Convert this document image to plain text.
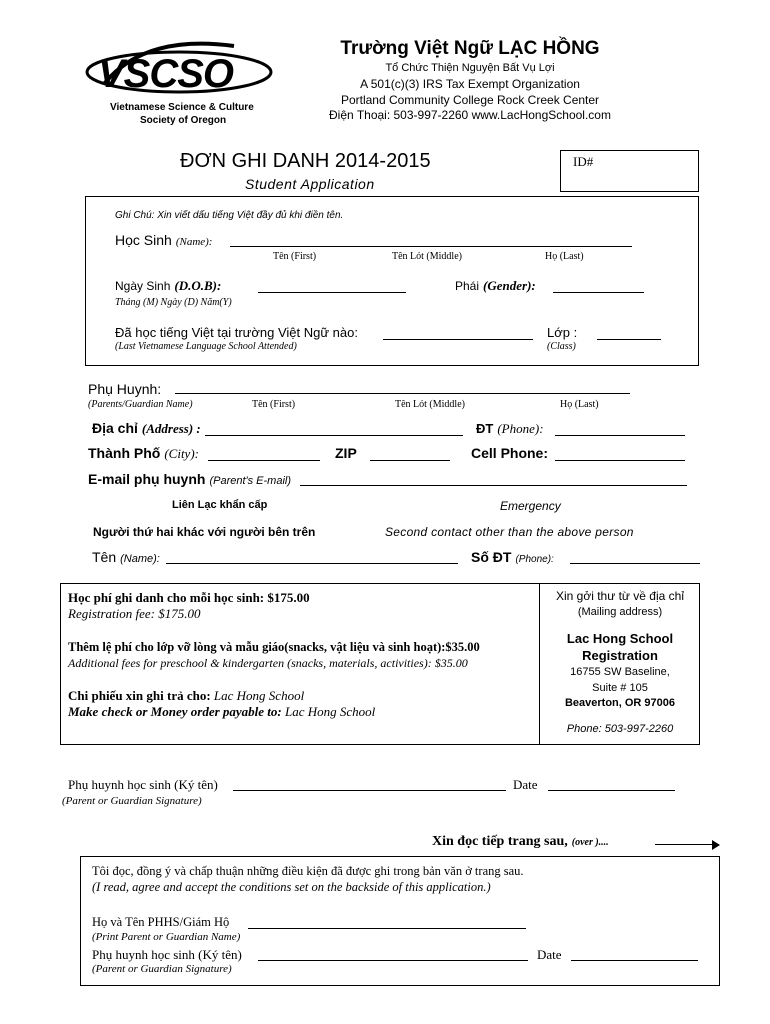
VSCSO
Vietnamese Science & Culture
Society of Oregon
Trường Việt Ngữ LẠC HỒNG
Tổ Chức Thiện Nguyện Bất Vụ Lợi
A 501(c)(3) IRS Tax Exempt Organization
Portland Community College Rock Creek Center
Điện Thoại: 503-997-2260 www.LacHongSchool.com
ĐƠN GHI DANH 2014-2015
Student Application
ID#
Ghi Chú: Xin viết dấu tiếng Việt đầy đủ khi điền tên.
Học Sinh (Name):
Tên (First)	Tên Lót (Middle)	Họ (Last)
Ngày Sinh (D.O.B):
Tháng (M) Ngày (D) Năm(Y)
Phái (Gender):
Đã học tiếng Việt tại trường Việt Ngữ nào:
(Last Vietnamese Language School Attended)
Lớp :
(Class)
Phụ Huynh:
(Parents/Guardian Name)	Tên (First)	Tên Lót (Middle)	Họ (Last)
Địa chỉ (Address) :	ĐT (Phone):
Thành Phố (City):	ZIP	Cell Phone:
E-mail phụ huynh (Parent's E-mail)
Liên Lạc khẩn cấp	Emergency
Người thứ hai khác với người bên trên	Second contact other than the above person
Tên (Name):	Số ĐT (Phone):
Học phí ghi danh cho mỗi học sinh: $175.00
Registration fee: $175.00
Thêm lệ phí cho lớp vỡ lòng và mẫu giáo(snacks, vật liệu và sinh hoạt):$35.00
Additional fees for preschool & kindergarten (snacks, materials, activities): $35.00
Chi phiếu xin ghi trả cho: Lac Hong School
Make check or Money order payable to: Lac Hong School
Xin gởi thư từ về địa chỉ
(Mailing address)
Lac Hong School
Registration
16755 SW Baseline,
Suite # 105
Beaverton, OR 97006
Phone: 503-997-2260
Phụ huynh học sinh (Ký tên)	Date
(Parent or Guardian Signature)
Xin đọc tiếp trang sau, (over )....
Tôi đọc, đồng ý và chấp thuận những điều kiện đã được ghi trong bản văn ở trang sau.
(I read, agree and accept the conditions set on the backside of this application.)
Họ và Tên PHHS/Giám Hộ
(Print Parent or Guardian Name)
Phụ huynh học sinh (Ký tên)	Date
(Parent or Guardian Signature)
